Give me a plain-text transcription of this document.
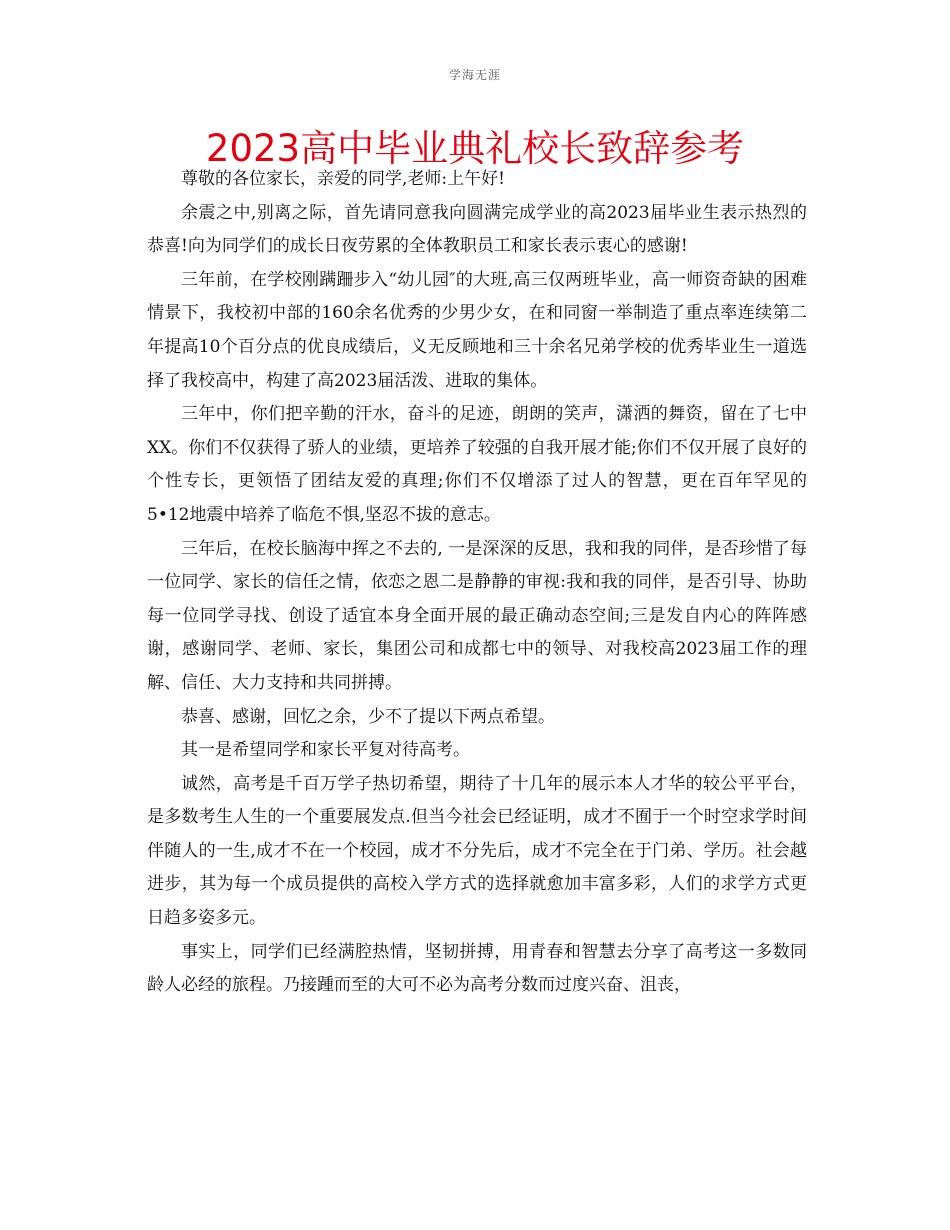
学海无涯
2023高中毕业典礼校长致辞参考

尊敬的各位家长，亲爱的同学,老师:上午好!

余震之中,别离之际，首先请同意我向圆满完成学业的高2023届毕业生表示热烈的恭喜!向为同学们的成长日夜劳累的全体教职员工和家长表示衷心的感谢!

三年前，在学校刚蹒跚步入“幼儿园″的大班,高三仅两班毕业，高一师资奇缺的困难情景下，我校初中部的160余名优秀的少男少女，在和同窗一举制造了重点率连续第二年提高10个百分点的优良成绩后，义无反顾地和三十余名兄弟学校的优秀毕业生一道选择了我校高中，构建了高2023届活泼、进取的集体。

三年中，你们把辛勤的汗水，奋斗的足迹，朗朗的笑声，潇洒的舞资，留在了七中XX。你们不仅获得了骄人的业绩，更培养了较强的自我开展才能;你们不仅开展了良好的个性专长，更领悟了团结友爱的真理;你们不仅增添了过人的智慧，更在百年罕见的5•12地震中培养了临危不惧,坚忍不拔的意志。

三年后，在校长脑海中挥之不去的, 一是深深的反思，我和我的同伴，是否珍惜了每一位同学、家长的信任之情，依恋之恩二是静静的审视:我和我的同伴，是否引导、协助每一位同学寻找、创设了适宜本身全面开展的最正确动态空间;三是发自内心的阵阵感谢，感谢同学、老师、家长，集团公司和成都七中的领导、对我校高2023届工作的理解、信任、大力支持和共同拼搏。

恭喜、感谢，回忆之余，少不了提以下两点希望。

其一是希望同学和家长平复对待高考。

诚然，高考是千百万学子热切希望，期待了十几年的展示本人才华的较公平平台，是多数考生人生的一个重要展发点.但当今社会已经证明，成才不囿于一个时空求学时间伴随人的一生,成才不在一个校园，成才不分先后，成才不完全在于门弟、学历。社会越进步，其为每一个成员提供的高校入学方式的选择就愈加丰富多彩，人们的求学方式更日趋多姿多元。

事实上，同学们已经满腔热情，坚韧拼搏，用青春和智慧去分享了高考这一多数同龄人必经的旅程。乃接踵而至的大可不必为高考分数而过度兴奋、沮丧，
